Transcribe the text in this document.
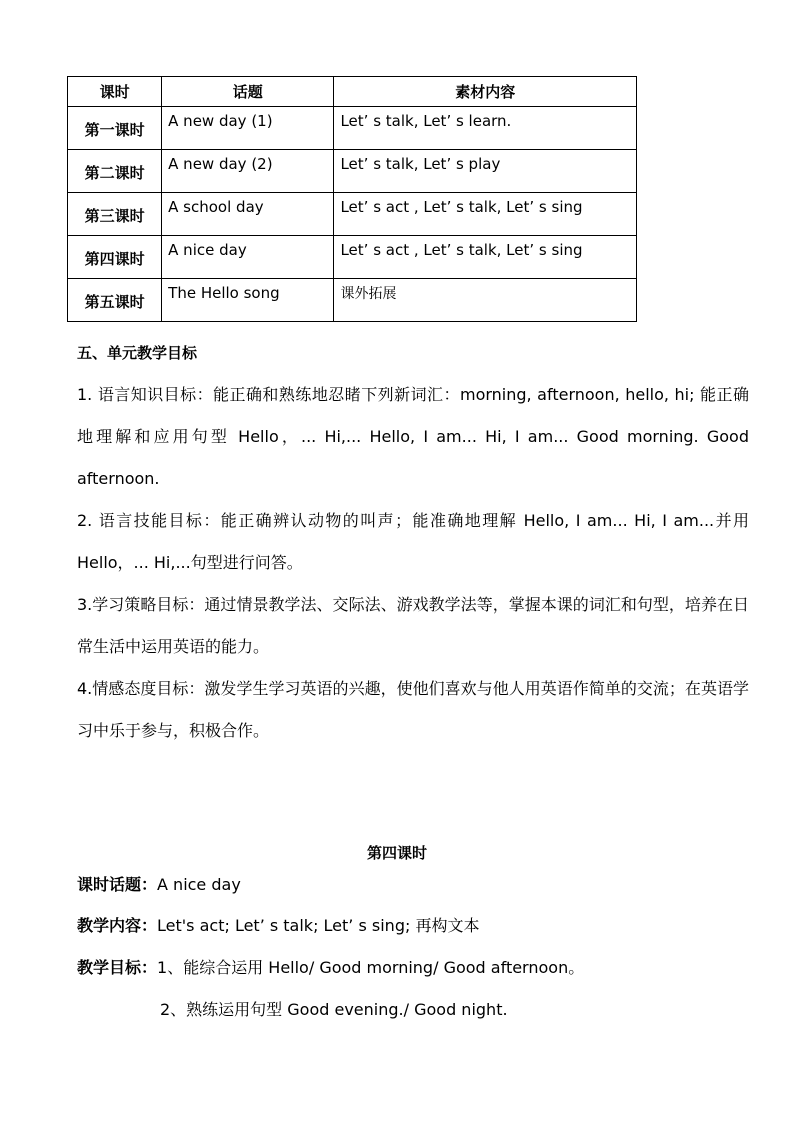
课时	话题	素材内容
第一课时	A new day (1)	Let’ s talk, Let’ s learn.
第二课时	A new day (2)	Let’ s talk, Let’ s play
第三课时	A school day	Let’ s act , Let’ s talk, Let’ s sing
第四课时	A nice day	Let’ s act , Let’ s talk, Let’ s sing
第五课时	The Hello song	课外拓展
五、单元教学目标

1. 语言知识目标：能正确和熟练地忍睹下列新词汇：morning, afternoon, hello, hi; 能正确地理解和应用句型 Hello，... Hi,... Hello, I am... Hi, I am... Good morning. Good afternoon.

2. 语言技能目标：能正确辨认动物的叫声；能准确地理解 Hello, I am... Hi, I am...并用 Hello，... Hi,...句型进行问答。

3.学习策略目标：通过情景教学法、交际法、游戏教学法等，掌握本课的词汇和句型，培养在日常生活中运用英语的能力。

4.情感态度目标：激发学生学习英语的兴趣，使他们喜欢与他人用英语作简单的交流；在英语学习中乐于参与，积极合作。

第四课时
课时话题：A nice day
教学内容：Let's act; Let’ s talk; Let’ s sing; 再构文本
教学目标：1、能综合运用 Hello/ Good morning/ Good afternoon。
2、熟练运用句型 Good evening./ Good night.
